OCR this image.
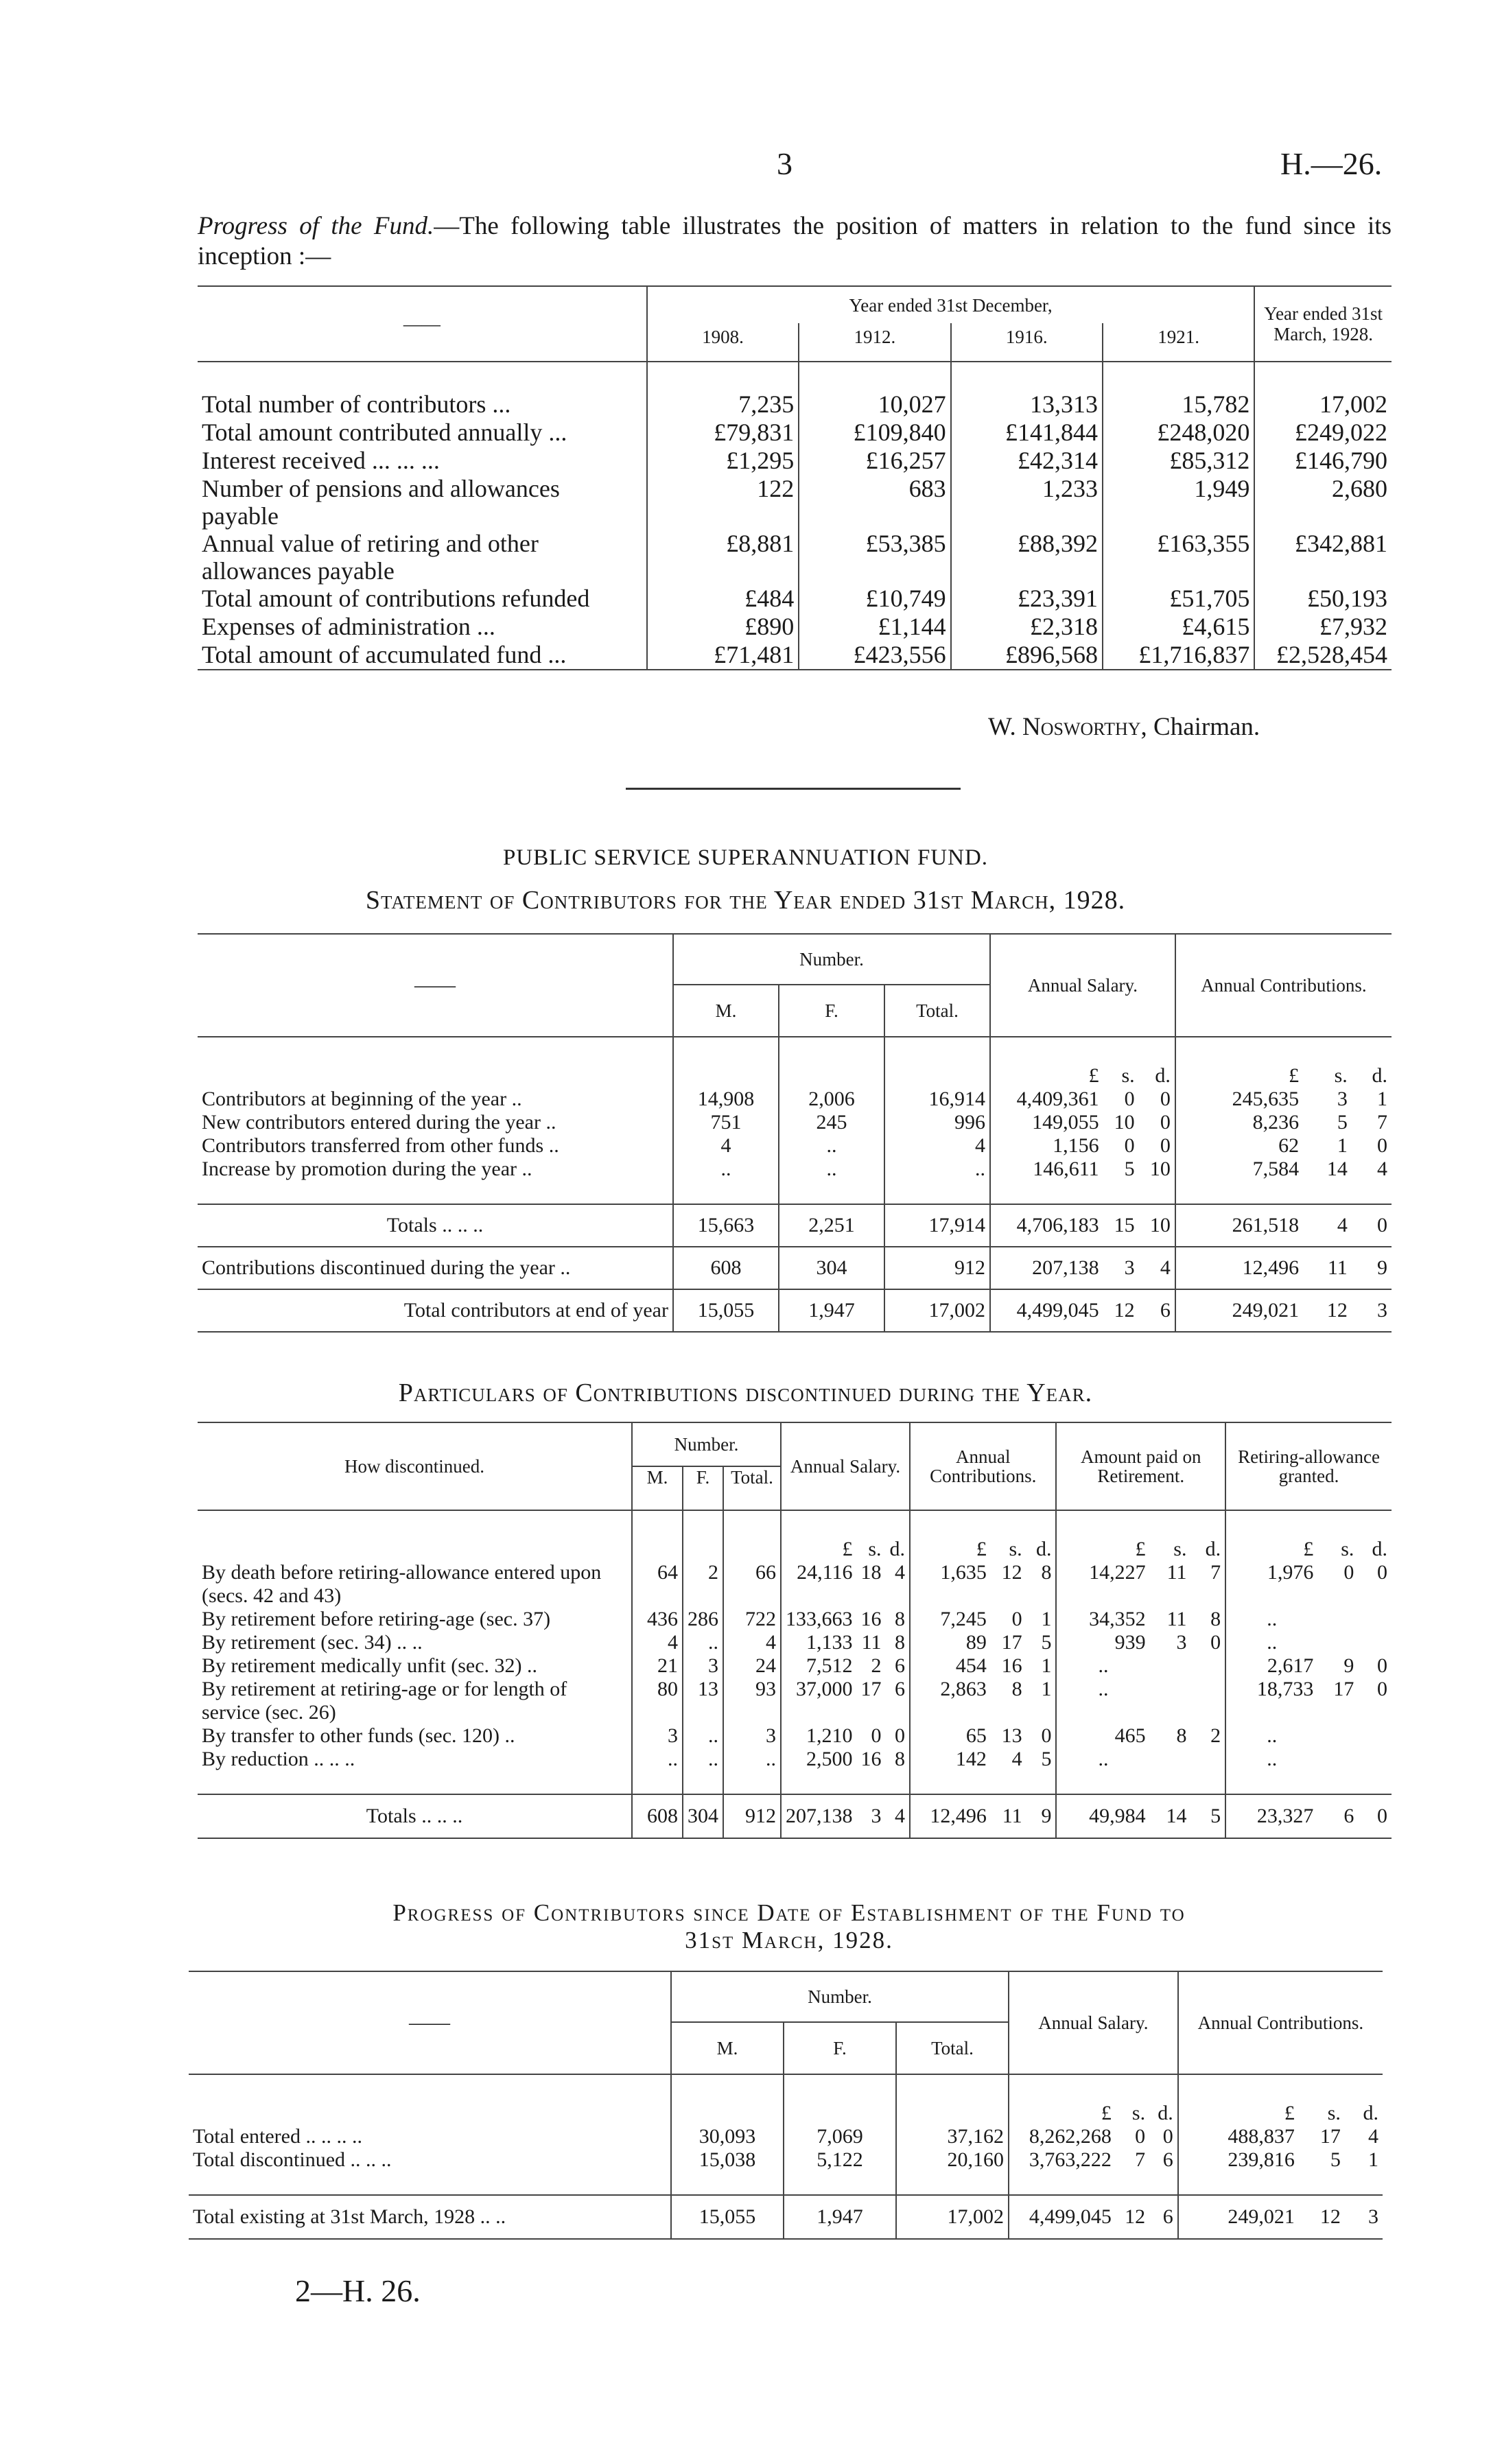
3	H.—26.
Progress of the Fund.—The following table illustrates the position of matters in relation to the fund since its inception :—
——	Year ended 31st December,				Year ended 31st March, 1928.
	1908.	1912.	1916.	1921.	

Total number of contributors ...	7,235	10,027	13,313	15,782	17,002
Total amount contributed annually ...	£79,831	£109,840	£141,844	£248,020	£249,022
Interest received ... ... ...	£1,295	£16,257	£42,314	£85,312	£146,790
Number of pensions and allowances payable	122	683	1,233	1,949	2,680
Annual value of retiring and other allowances payable	£8,881	£53,385	£88,392	£163,355	£342,881
Total amount of contributions refunded	£484	£10,749	£23,391	£51,705	£50,193
Expenses of administration ...	£890	£1,144	£2,318	£4,615	£7,932
Total amount of accumulated fund ...	£71,481	£423,556	£896,568	£1,716,837	£2,528,454
W. Nosworthy, Chairman.
PUBLIC SERVICE SUPERANNUATION FUND.
Statement of Contributors for the Year ended 31st March, 1928.
——	Number.			Annual Salary.			Annual Contributions.		
	M.	F.	Total.						

				£	s.	d.	£	s.	d.
Contributors at beginning of the year ..	14,908	2,006	16,914	4,409,361	0	0	245,635	3	1
New contributors entered during the year ..	751	245	996	149,055	10	0	8,236	5	7
Contributors transferred from other funds ..	4	..	4	1,156	0	0	62	1	0
Increase by promotion during the year ..	..	..	..	146,611	5	10	7,584	14	4

Totals .. .. ..	15,663	2,251	17,914	4,706,183	15	10	261,518	4	0
Contributions discontinued during the year ..	608	304	912	207,138	3	4	12,496	11	9
Total contributors at end of year	15,055	1,947	17,002	4,499,045	12	6	249,021	12	3
Particulars of Contributions discontinued during the Year.
How discontinued.	Number.			Annual Salary.			Annual Contributions.			Amount paid on Retirement.			Retiring-allowance granted.		
	M.	F.	Total.												

				£	s.	d.	£	s.	d.	£	s.	d.	£	s.	d.
By death before retiring-allowance entered upon (secs. 42 and 43)	64	2	66	24,116	18	4	1,635	12	8	14,227	11	7	1,976	0	0
By retirement before retiring-age (sec. 37)	436	286	722	133,663	16	8	7,245	0	1	34,352	11	8	..		
By retirement (sec. 34) .. ..	4	..	4	1,133	11	8	89	17	5	939	3	0	..		
By retirement medically unfit (sec. 32) ..	21	3	24	7,512	2	6	454	16	1	..			2,617	9	0
By retirement at retiring-age or for length of service (sec. 26)	80	13	93	37,000	17	6	2,863	8	1	..			18,733	17	0
By transfer to other funds (sec. 120) ..	3	..	3	1,210	0	0	65	13	0	465	8	2	..		
By reduction .. .. ..	..	..	..	2,500	16	8	142	4	5	..			..		

Totals .. .. ..	608	304	912	207,138	3	4	12,496	11	9	49,984	14	5	23,327	6	0
Progress of Contributors since Date of Establishment of the Fund to
31st March, 1928.
——	Number.			Annual Salary.			Annual Contributions.		
	M.	F.	Total.						

				£	s.	d.	£	s.	d.
Total entered .. .. .. ..	30,093	7,069	37,162	8,262,268	0	0	488,837	17	4
Total discontinued .. .. ..	15,038	5,122	20,160	3,763,222	7	6	239,816	5	1

Total existing at 31st March, 1928 .. ..	15,055	1,947	17,002	4,499,045	12	6	249,021	12	3
2—H. 26.
